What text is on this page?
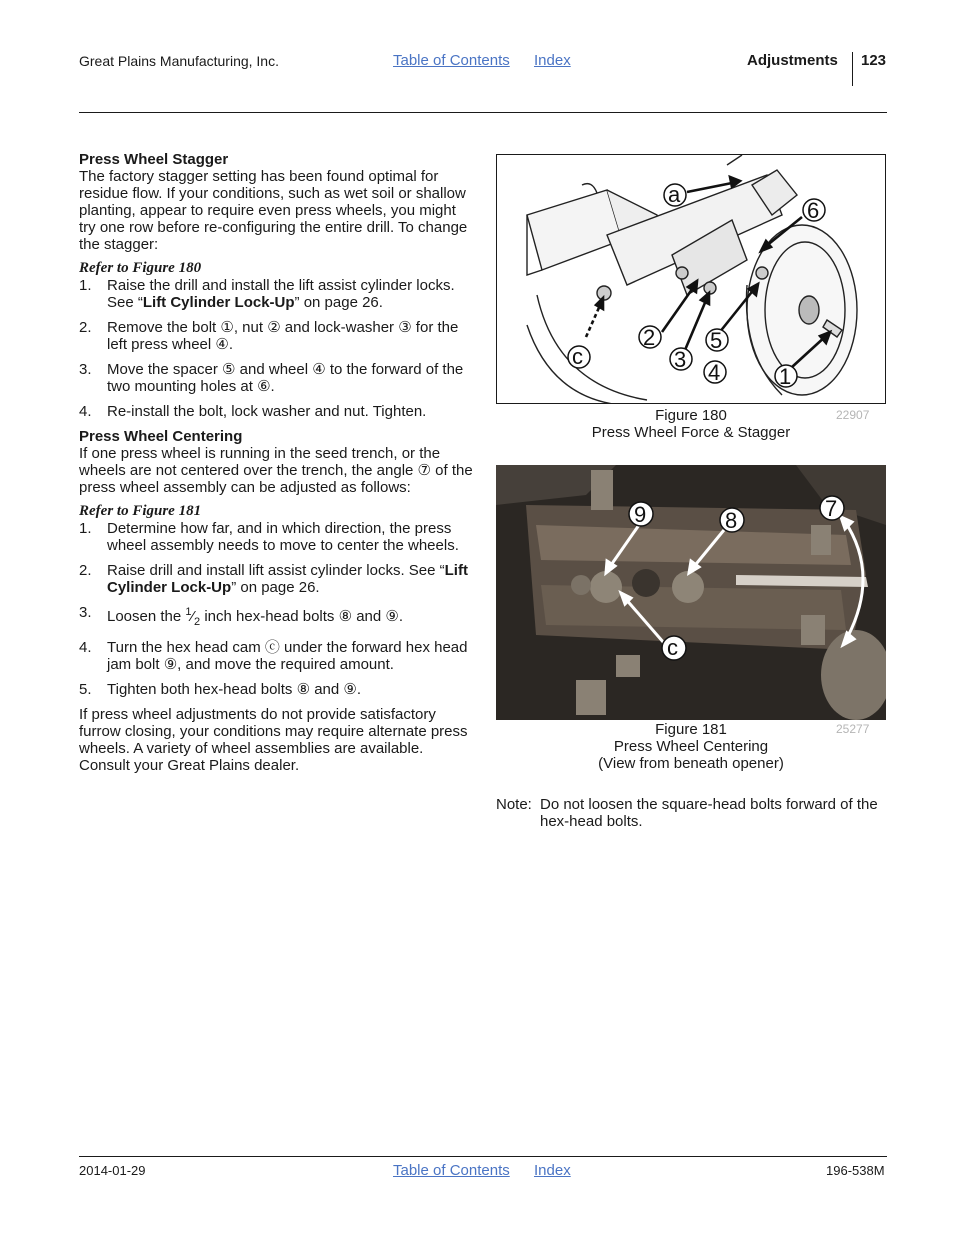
Great Plains Manufacturing, Inc.	Table of Contents Index	Adjustments 123
Press Wheel Stagger

The factory stagger setting has been found optimal for residue flow. If your conditions, such as wet soil or shallow planting, appear to require even press wheels, you might try one row before re-configuring the entire drill. To change the stagger:

Refer to Figure 180
1. Raise the drill and install the lift assist cylinder locks. See “Lift Cylinder Lock-Up” on page 26.
2. Remove the bolt ①, nut ② and lock-washer ③ for the left press wheel ④.
3. Move the spacer ⑤ and wheel ④ to the forward of the two mounting holes at ⑥.
4. Re-install the bolt, lock washer and nut. Tighten.
Press Wheel Centering

If one press wheel is running in the seed trench, or the wheels are not centered over the trench, the angle ⑦ of the press wheel assembly can be adjusted as follows:

Refer to Figure 181
1. Determine how far, and in which direction, the press wheel assembly needs to move to center the wheels.
2. Raise drill and install lift assist cylinder locks. See “Lift Cylinder Lock-Up” on page 26.
3. Loosen the $^1⁄_2$ inch hex-head bolts ⑧ and ⑨.
4. Turn the hex head cam ⓒ under the forward hex head jam bolt ⑨, and move the required amount.
5. Tighten both hex-head bolts ⑧ and ⑨.

If press wheel adjustments do not provide satisfactory furrow closing, your conditions may require alternate press wheels. A variety of wheel assemblies are available. Consult your Great Plains dealer.

a
6
2 5
c	3
4	1
Figure 180
Press Wheel Force & Stagger
22907
9	8	7
c
Figure 181
Press Wheel Centering
(View from beneath opener)
25277
Note: Do not loosen the square-head bolts forward of the hex-head bolts.
2014-01-29	Table of Contents Index	196-538M
